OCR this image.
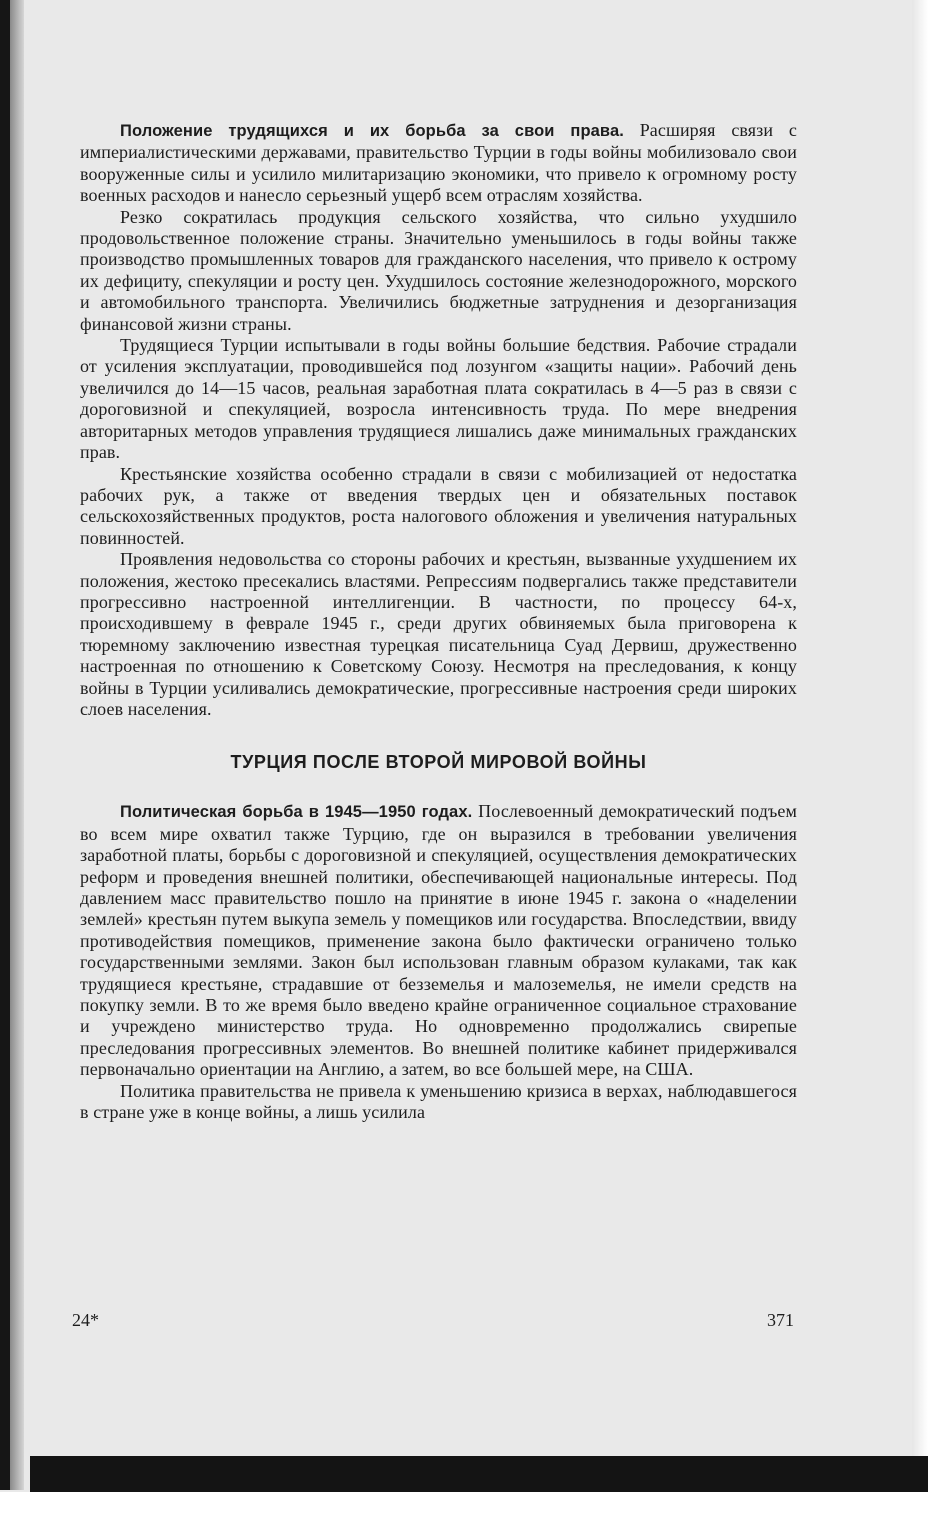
Положение трудящихся и их борьба за свои права. Расширяя связи с империалистическими державами, правительство Турции в годы войны мобилизовало свои вооруженные силы и усилило милитаризацию экономики, что привело к огромному росту военных расходов и нанесло серьезный ущерб всем отраслям хозяйства.

Резко сократилась продукция сельского хозяйства, что сильно ухудшило продовольственное положение страны. Значительно уменьшилось в годы войны также производство промышленных товаров для гражданского населения, что привело к острому их дефициту, спекуляции и росту цен. Ухудшилось состояние железнодорожного, морского и автомобильного транспорта. Увеличились бюджетные затруднения и дезорганизация финансовой жизни страны.

Трудящиеся Турции испытывали в годы войны большие бедствия. Рабочие страдали от усиления эксплуатации, проводившейся под лозунгом «защиты нации». Рабочий день увеличился до 14—15 часов, реальная заработная плата сократилась в 4—5 раз в связи с дороговизной и спекуляцией, возросла интенсивность труда. По мере внедрения авторитарных методов управления трудящиеся лишались даже минимальных гражданских прав.

Крестьянские хозяйства особенно страдали в связи с мобилизацией от недостатка рабочих рук, а также от введения твердых цен и обязательных поставок сельскохозяйственных продуктов, роста налогового обложения и увеличения натуральных повинностей.

Проявления недовольства со стороны рабочих и крестьян, вызванные ухудшением их положения, жестоко пресекались властями. Репрессиям подвергались также представители прогрессивно настроенной интеллигенции. В частности, по процессу 64-х, происходившему в феврале 1945 г., среди других обвиняемых была приговорена к тюремному заключению известная турецкая писательница Суад Дервиш, дружественно настроенная по отношению к Советскому Союзу. Несмотря на преследования, к концу войны в Турции усиливались демократические, прогрессивные настроения среди широких слоев населения.

ТУРЦИЯ ПОСЛЕ ВТОРОЙ МИРОВОЙ ВОЙНЫ

Политическая борьба в 1945—1950 годах. Послевоенный демократический подъем во всем мире охватил также Турцию, где он выразился в требовании увеличения заработной платы, борьбы с дороговизной и спекуляцией, осуществления демократических реформ и проведения внешней политики, обеспечивающей национальные интересы. Под давлением масс правительство пошло на принятие в июне 1945 г. закона о «наделении землей» крестьян путем выкупа земель у помещиков или государства. Впоследствии, ввиду противодействия помещиков, применение закона было фактически ограничено только государственными землями. Закон был использован главным образом кулаками, так как трудящиеся крестьяне, страдавшие от безземелья и малоземелья, не имели средств на покупку земли. В то же время было введено крайне ограниченное социальное страхование и учреждено министерство труда. Но одновременно продолжались свирепые преследования прогрессивных элементов. Во внешней политике кабинет придерживался первоначально ориентации на Англию, а затем, во все большей мере, на США.

Политика правительства не привела к уменьшению кризиса в верхах, наблюдавшегося в стране уже в конце войны, а лишь усилила

24*	371
